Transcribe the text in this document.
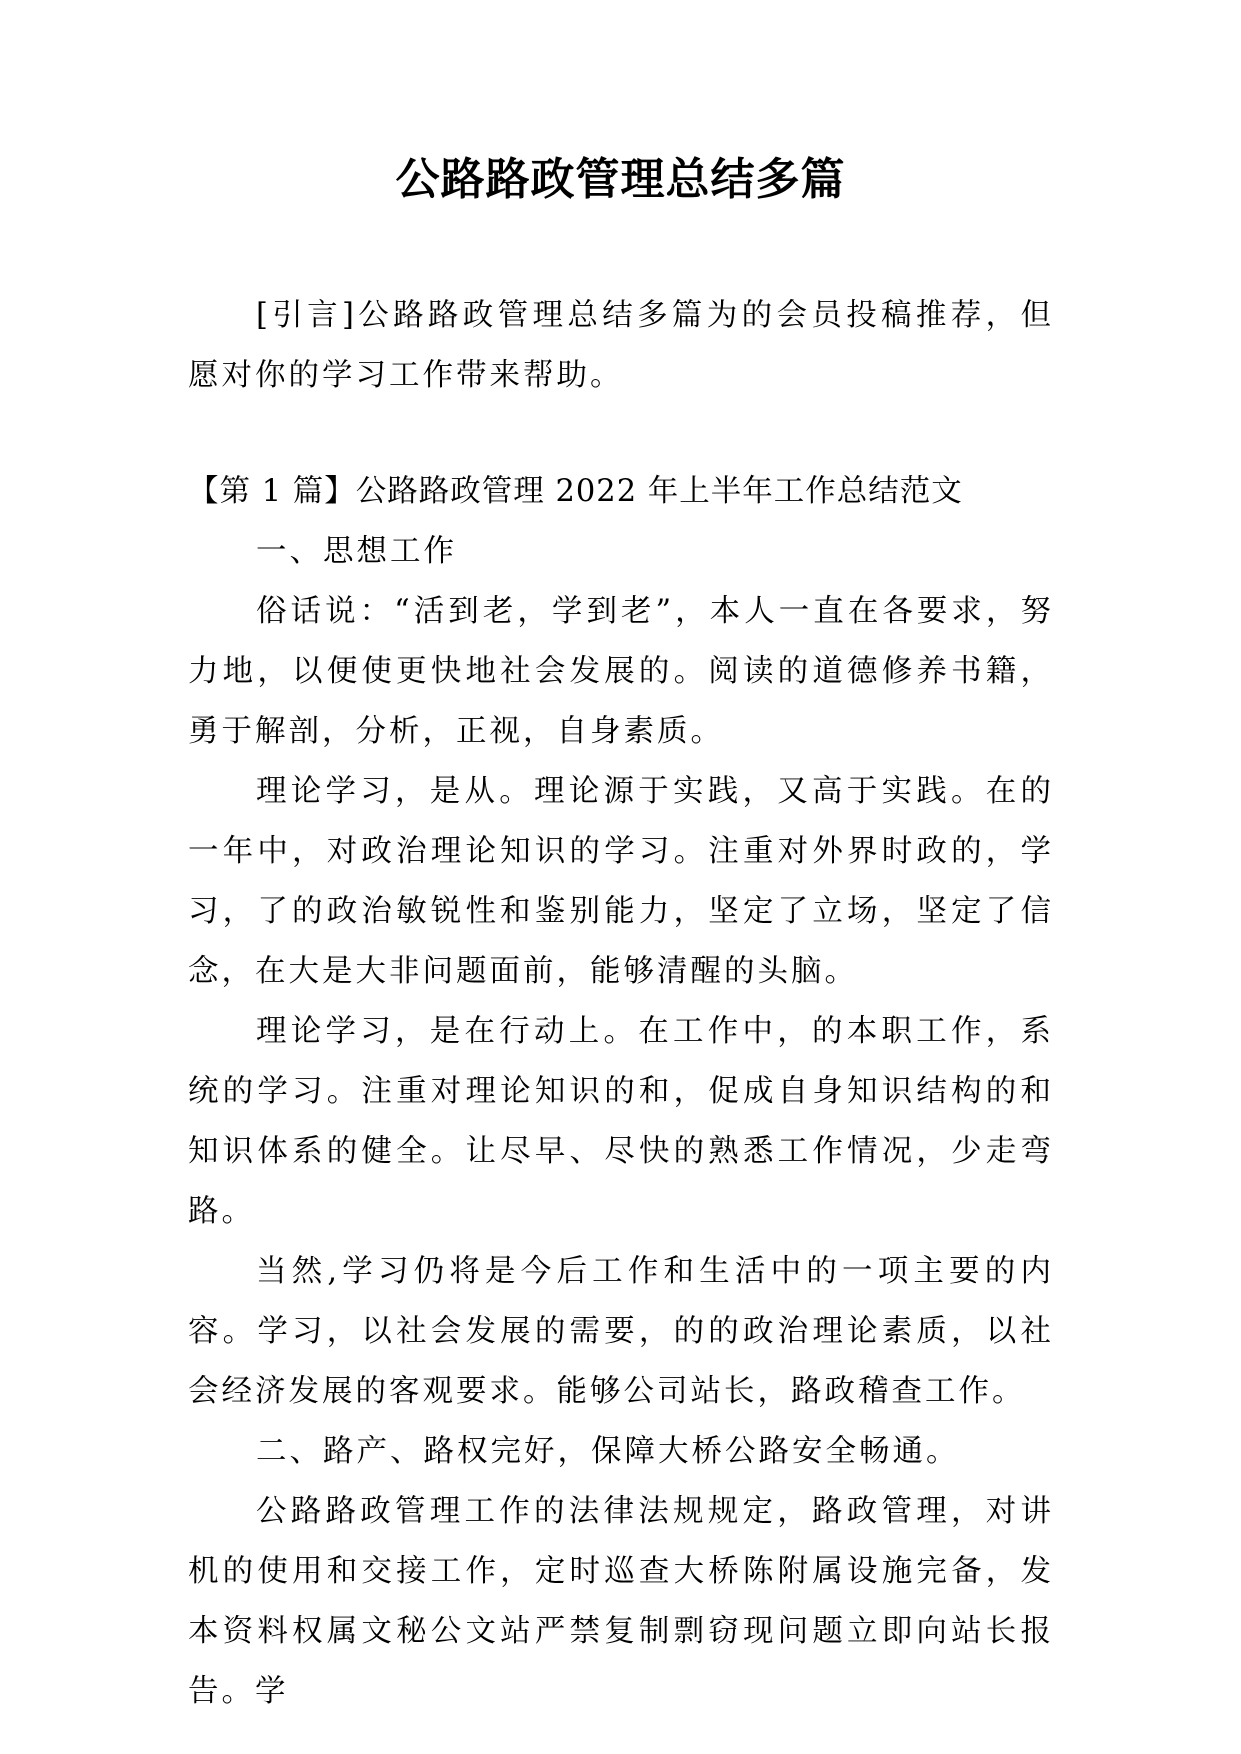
公路路政管理总结多篇

[引言]公路路政管理总结多篇为的会员投稿推荐，但愿对你的学习工作带来帮助。

【第 1 篇】公路路政管理 2022 年上半年工作总结范文

一、思想工作

俗话说：“活到老，学到老”，本人一直在各要求，努力地，以便使更快地社会发展的。阅读的道德修养书籍，勇于解剖，分析，正视，自身素质。

理论学习，是从。理论源于实践，又高于实践。在的一年中，对政治理论知识的学习。注重对外界时政的，学习，了的政治敏锐性和鉴别能力，坚定了立场，坚定了信念，在大是大非问题面前，能够清醒的头脑。

理论学习，是在行动上。在工作中，的本职工作，系统的学习。注重对理论知识的和，促成自身知识结构的和知识体系的健全。让尽早、尽快的熟悉工作情况，少走弯路。

当然,学习仍将是今后工作和生活中的一项主要的内容。学习，以社会发展的需要，的的政治理论素质，以社会经济发展的客观要求。能够公司站长，路政稽查工作。

二、路产、路权完好，保障大桥公路安全畅通。

公路路政管理工作的法律法规规定，路政管理，对讲机的使用和交接工作，定时巡查大桥陈附属设施完备，发本资料权属文秘公文站严禁复制剽窃现问题立即向站长报告。学
